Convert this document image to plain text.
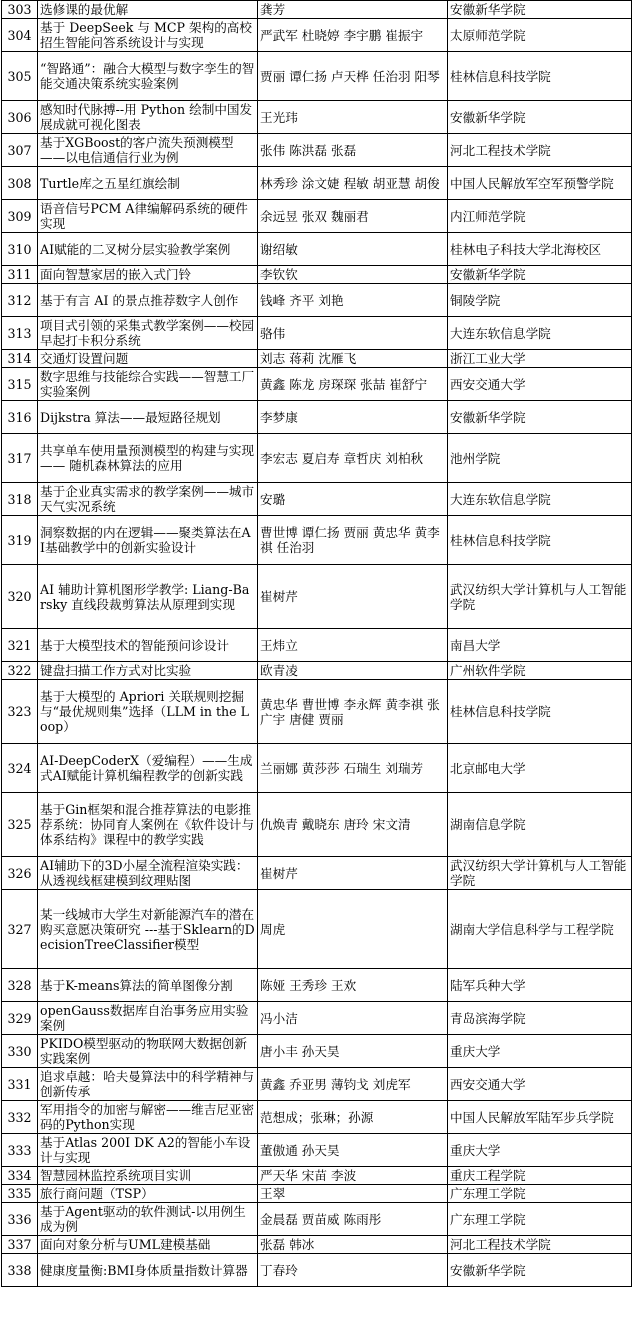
303	选修课的最优解	龚芳	安徽新华学院
304	基于 DeepSeek 与 MCP 架构的高校招生智能问答系统设计与实现	严武军 杜晓婷 李宇鹏 崔振宇	太原师范学院
305	“智路通”：融合大模型与数字孪生的智能交通决策系统实验案例	贾丽 谭仁扬 卢天桦 任治羽 阳琴	桂林信息科技学院
306	感知时代脉搏--用 Python 绘制中国发展成就可视化图表	王光玮	安徽新华学院
307	基于XGBoost的客户流失预测模型——以电信通信行业为例	张伟 陈洪磊 张磊	河北工程技术学院
308	Turtle库之五星红旗绘制	林秀珍 涂文婕 程敏 胡亚慧 胡俊	中国人民解放军空军预警学院
309	语音信号PCM A律编解码系统的硬件实现	余远昱 张双 魏丽君	内江师范学院
310	AI赋能的二叉树分层实验教学案例	谢绍敏	桂林电子科技大学北海校区
311	面向智慧家居的嵌入式门铃	李钦钦	安徽新华学院
312	基于有言 AI 的景点推荐数字人创作	钱峰 齐平 刘艳	铜陵学院
313	项目式引领的采集式教学案例——校园早起打卡积分系统	骆伟	大连东软信息学院
314	交通灯设置问题	刘志 蒋莉 沈雁飞	浙江工业大学
315	数字思维与技能综合实践——智慧工厂实验案例	黄鑫 陈龙 房琛琛 张喆 崔舒宁	西安交通大学
316	Dijkstra 算法——最短路径规划	李梦康	安徽新华学院
317	共享单车使用量预测模型的构建与实现—— 随机森林算法的应用	李宏志 夏启寿 章哲庆 刘柏秋	池州学院
318	基于企业真实需求的教学案例——城市天气实况系统	安璐	大连东软信息学院
319	洞察数据的内在逻辑——聚类算法在AI基础教学中的创新实验设计	曹世博 谭仁扬 贾丽 黄忠华 黄李祺 任治羽	桂林信息科技学院
320	AI 辅助计算机图形学教学: Liang-Barsky 直线段裁剪算法从原理到实现	崔树芹	武汉纺织大学计算机与人工智能学院
321	基于大模型技术的智能预问诊设计	王炜立	南昌大学
322	键盘扫描工作方式对比实验	欧青凌	广州软件学院
323	基于大模型的 Apriori 关联规则挖掘与“最优规则集”选择（LLM in the Loop）	黄忠华 曹世博 李永辉 黄李祺 张广宇 唐健 贾丽	桂林信息科技学院
324	AI-DeepCoderX（爱编程）——生成式AI赋能计算机编程教学的创新实践	兰丽娜 黄莎莎 石瑞生 刘瑞芳	北京邮电大学
325	基于Gin框架和混合推荐算法的电影推荐系统：协同育人案例在《软件设计与体系结构》课程中的教学实践	仇焕青 戴晓东 唐玲 宋文清	湖南信息学院
326	AI辅助下的3D小屋全流程渲染实践：从透视线框建模到纹理贴图	崔树芹	武汉纺织大学计算机与人工智能学院
327	某一线城市大学生对新能源汽车的潜在购买意愿决策研究 ---基于Sklearn的DecisionTreeClassifier模型	周虎	湖南大学信息科学与工程学院
328	基于K-means算法的简单图像分割	陈娅 王秀珍 王欢	陆军兵种大学
329	openGauss数据库自治事务应用实验案例	冯小洁	青岛滨海学院
330	PKIDO模型驱动的物联网大数据创新实践案例	唐小丰 孙天昊	重庆大学
331	追求卓越：哈夫曼算法中的科学精神与创新传承	黄鑫 乔亚男 薄钧戈 刘虎军	西安交通大学
332	军用指令的加密与解密——维吉尼亚密码的Python实现	范想成；张琳；孙源	中国人民解放军陆军步兵学院
333	基于Atlas 200I DK A2的智能小车设计与实现	董傲通 孙天昊	重庆大学
334	智慧园林监控系统项目实训	严天华 宋苗 李波	重庆工程学院
335	旅行商问题（TSP）	王翠	广东理工学院
336	基于Agent驱动的软件测试-以用例生成为例	金晨磊 贾苗威 陈雨彤	广东理工学院
337	面向对象分析与UML建模基础	张磊 韩冰	河北工程技术学院
338	健康度量衡:BMI身体质量指数计算器	丁春玲	安徽新华学院
